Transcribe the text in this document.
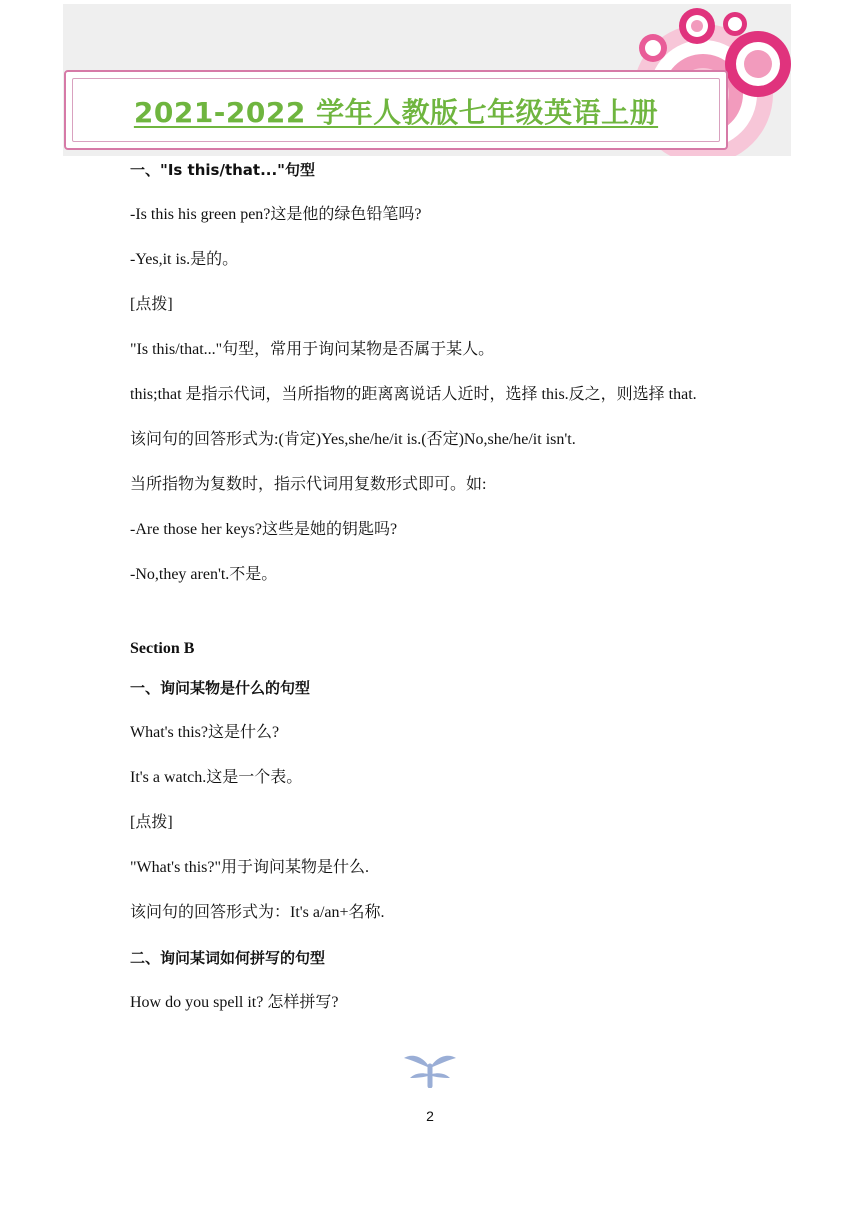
2021-2022 学年人教版七年级英语上册
一、"Is this/that..."句型
-Is this his green pen?这是他的绿色铅笔吗?
-Yes,it is.是的。
[点拨]
"Is this/that..."句型，常用于询问某物是否属于某人。
this;that 是指示代词，当所指物的距离离说话人近时，选择 this.反之，则选择 that.
该问句的回答形式为:(肯定)Yes,she/he/it is.(否定)No,she/he/it isn't.
当所指物为复数时，指示代词用复数形式即可。如:
-Are those her keys?这些是她的钥匙吗?
-No,they aren't.不是。
Section B
一、询问某物是什么的句型
What's this?这是什么?
It's a watch.这是一个表。
[点拨]
"What's this?"用于询问某物是什么.
该问句的回答形式为：It's a/an+名称.
二、询问某词如何拼写的句型
How do you spell it? 怎样拼写?
2
